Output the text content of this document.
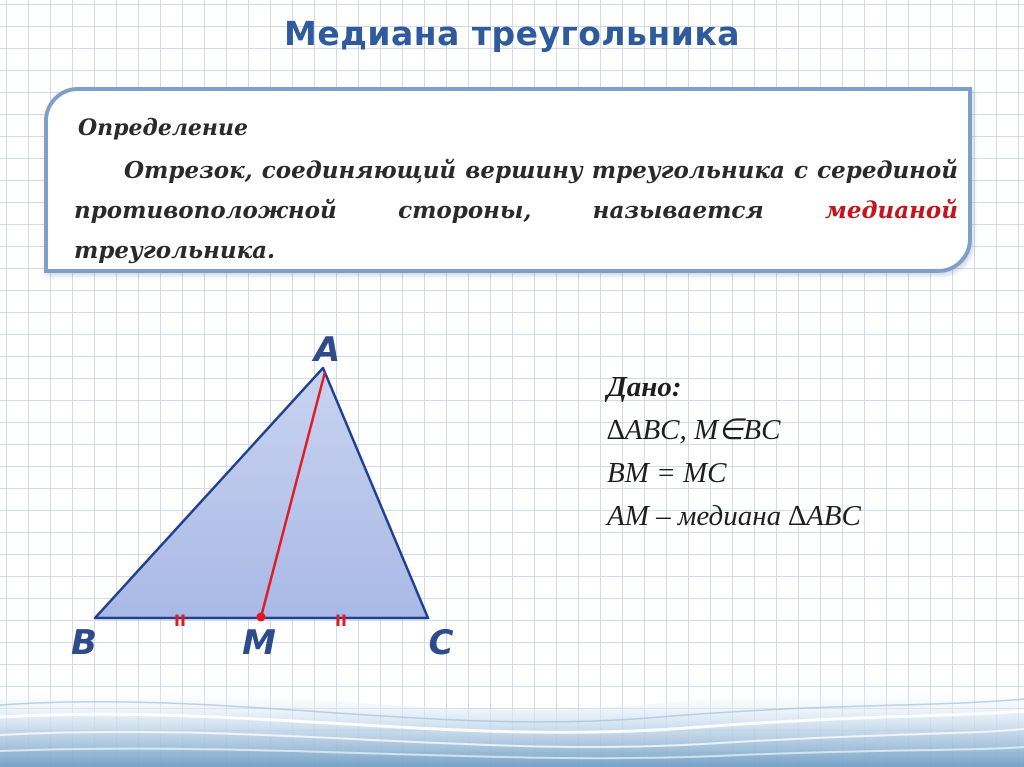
Медиана треугольника
Определение
Отрезок, соединяющий вершину треугольника с серединой противоположной стороны, называется медианой треугольника.
II	II
A
B	M	C
Дано:
∆ABC, M∈BC
BM = MC
AM – медиана ∆ABC
